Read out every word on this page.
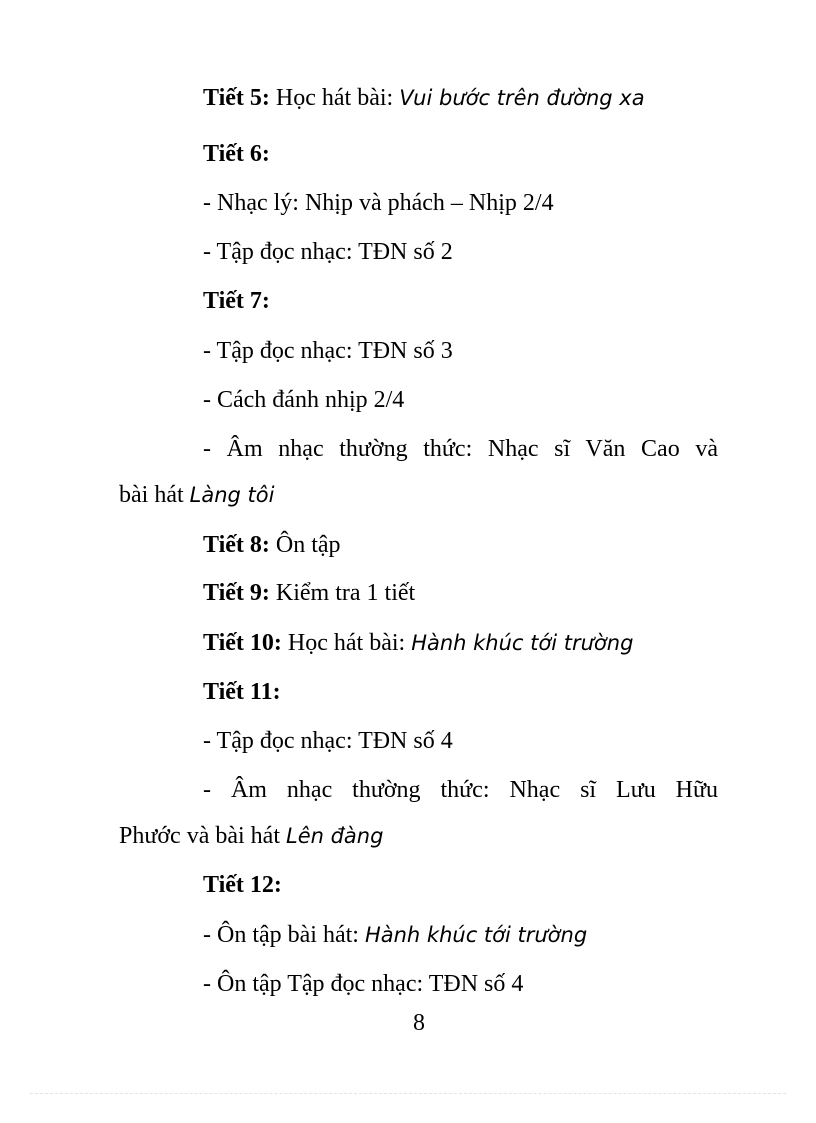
Tiết 5: Học hát bài: Vui bước trên đường xa
Tiết 6:
- Nhạc lý: Nhịp và phách – Nhịp 2/4
- Tập đọc nhạc: TĐN số 2
Tiết 7:
- Tập đọc nhạc: TĐN số 3
- Cách đánh nhịp 2/4
- Âm nhạc thường thức: Nhạc sĩ Văn Cao và
bài hát Làng tôi
Tiết 8: Ôn tập
Tiết 9: Kiểm tra 1 tiết
Tiết 10: Học hát bài: Hành khúc tới trường
Tiết 11:
- Tập đọc nhạc: TĐN số 4
- Âm nhạc thường thức: Nhạc sĩ Lưu Hữu
Phước và bài hát Lên đàng
Tiết 12:
- Ôn tập bài hát: Hành khúc tới trường
- Ôn tập Tập đọc nhạc: TĐN số 4
8
